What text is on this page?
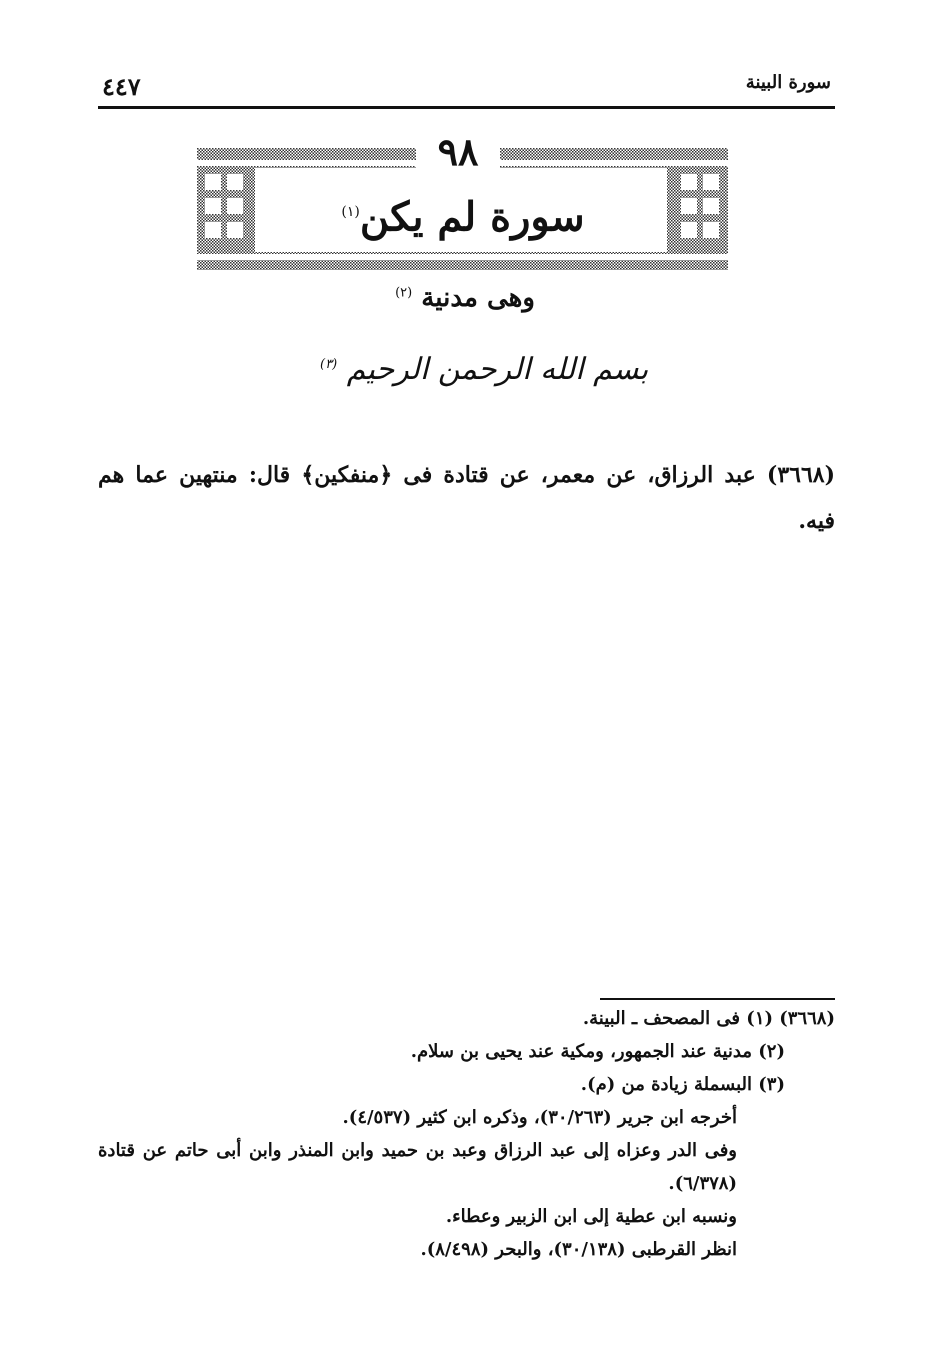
٤٤٧	سورة البينة
٩٨
سورة لم يكن$^{(١)}$
وهى مدنية $^{(٢)}$
بسم الله الرحمن الرحيم $^{(٣)}$
(٣٦٦٨) عبد الرزاق، عن معمر، عن قتادة فى ﴿منفكين﴾ قال: منتهين عما هم فيه.

(٣٦٦٨) (١) فى المصحف ـ البينة.

(٢) مدنية عند الجمهور، ومكية عند يحيى بن سلام.

(٣) البسملة زيادة من (م).

أخرجه ابن جرير (٣٠/٢٦٣)، وذكره ابن كثير (٤/٥٣٧).

وفى الدر وعزاه إلى عبد الرزاق وعبد بن حميد وابن المنذر وابن أبى حاتم عن قتادة (٦/٣٧٨).

ونسبه ابن عطية إلى ابن الزبير وعطاء.

انظر القرطبى (٣٠/١٣٨)، والبحر (٨/٤٩٨).
